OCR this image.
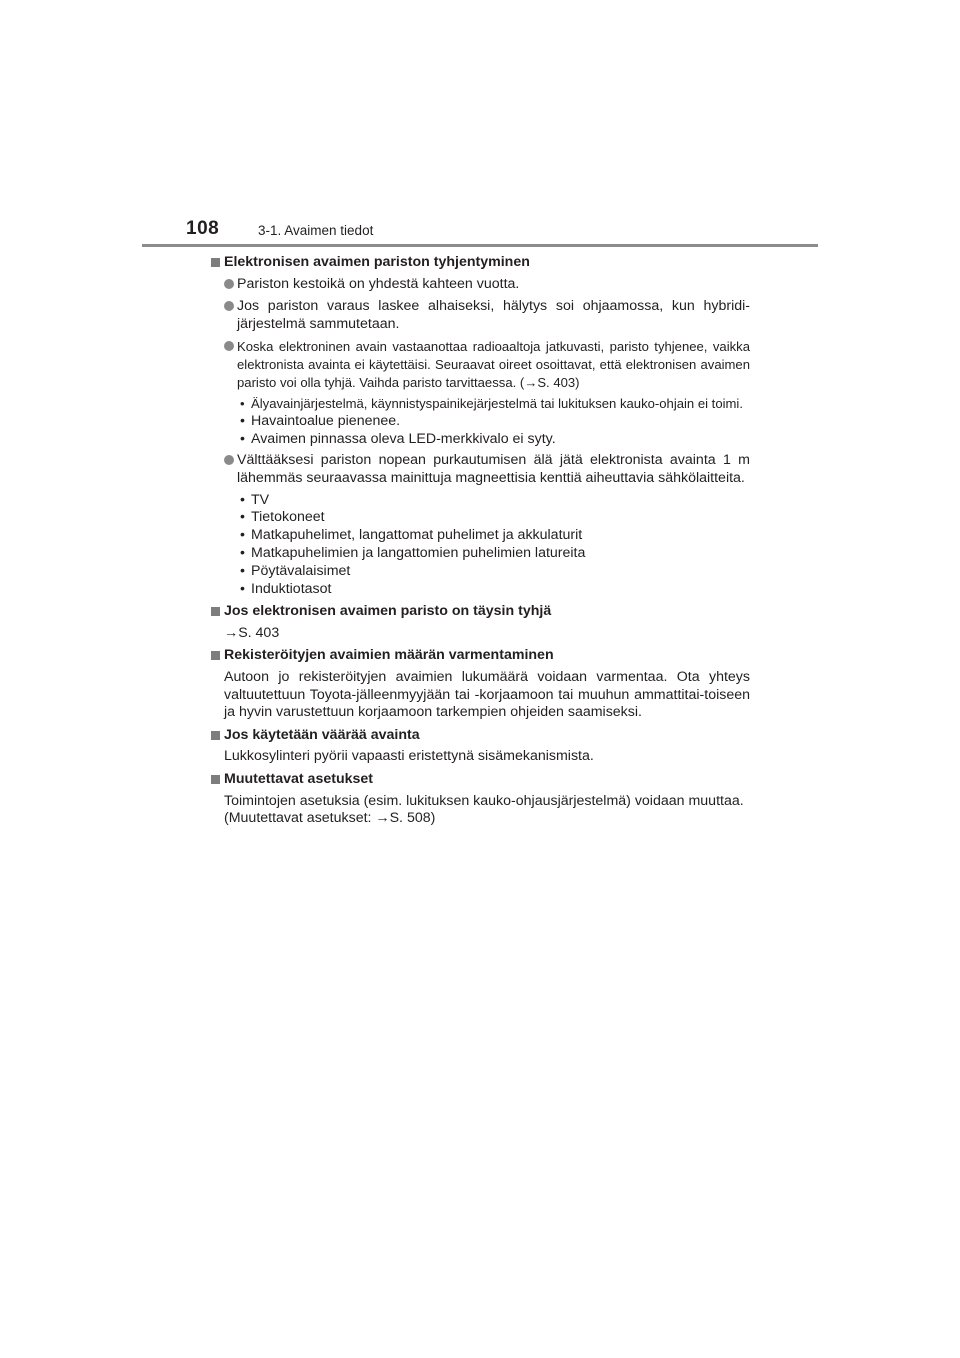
108	3-1. Avaimen tiedot
Elektronisen avaimen pariston tyhjentyminen
Pariston kestoikä on yhdestä kahteen vuotta.
Jos pariston varaus laskee alhaiseksi, hälytys soi ohjaamossa, kun hybridi-järjestelmä sammutetaan.
Koska elektroninen avain vastaanottaa radioaaltoja jatkuvasti, paristo tyhjenee, vaikka elektronista avainta ei käytettäisi. Seuraavat oireet osoittavat, että elektronisen avaimen paristo voi olla tyhjä. Vaihda paristo tarvittaessa. (→S. 403)
• Älyavainjärjestelmä, käynnistyspainikejärjestelmä tai lukituksen kauko-ohjain ei toimi.
• Havaintoalue pienenee.
• Avaimen pinnassa oleva LED-merkkivalo ei syty.
Välttääksesi pariston nopean purkautumisen älä jätä elektronista avainta 1 m lähemmäs seuraavassa mainittuja magneettisia kenttiä aiheuttavia sähkölaitteita.
• TV
• Tietokoneet
• Matkapuhelimet, langattomat puhelimet ja akkulaturit
• Matkapuhelimien ja langattomien puhelimien latureita
• Pöytävalaisimet
• Induktiotasot
Jos elektronisen avaimen paristo on täysin tyhjä
→S. 403
Rekisteröityjen avaimien määrän varmentaminen
Autoon jo rekisteröityjen avaimien lukumäärä voidaan varmentaa. Ota yhteys valtuutettuun Toyota-jälleenmyyjään tai -korjaamoon tai muuhun ammattitai-toiseen ja hyvin varustettuun korjaamoon tarkempien ohjeiden saamiseksi.
Jos käytetään väärää avainta
Lukkosylinteri pyörii vapaasti eristettynä sisämekanismista.
Muutettavat asetukset
Toimintojen asetuksia (esim. lukituksen kauko-ohjausjärjestelmä) voidaan muuttaa.
(Muutettavat asetukset: →S. 508)
